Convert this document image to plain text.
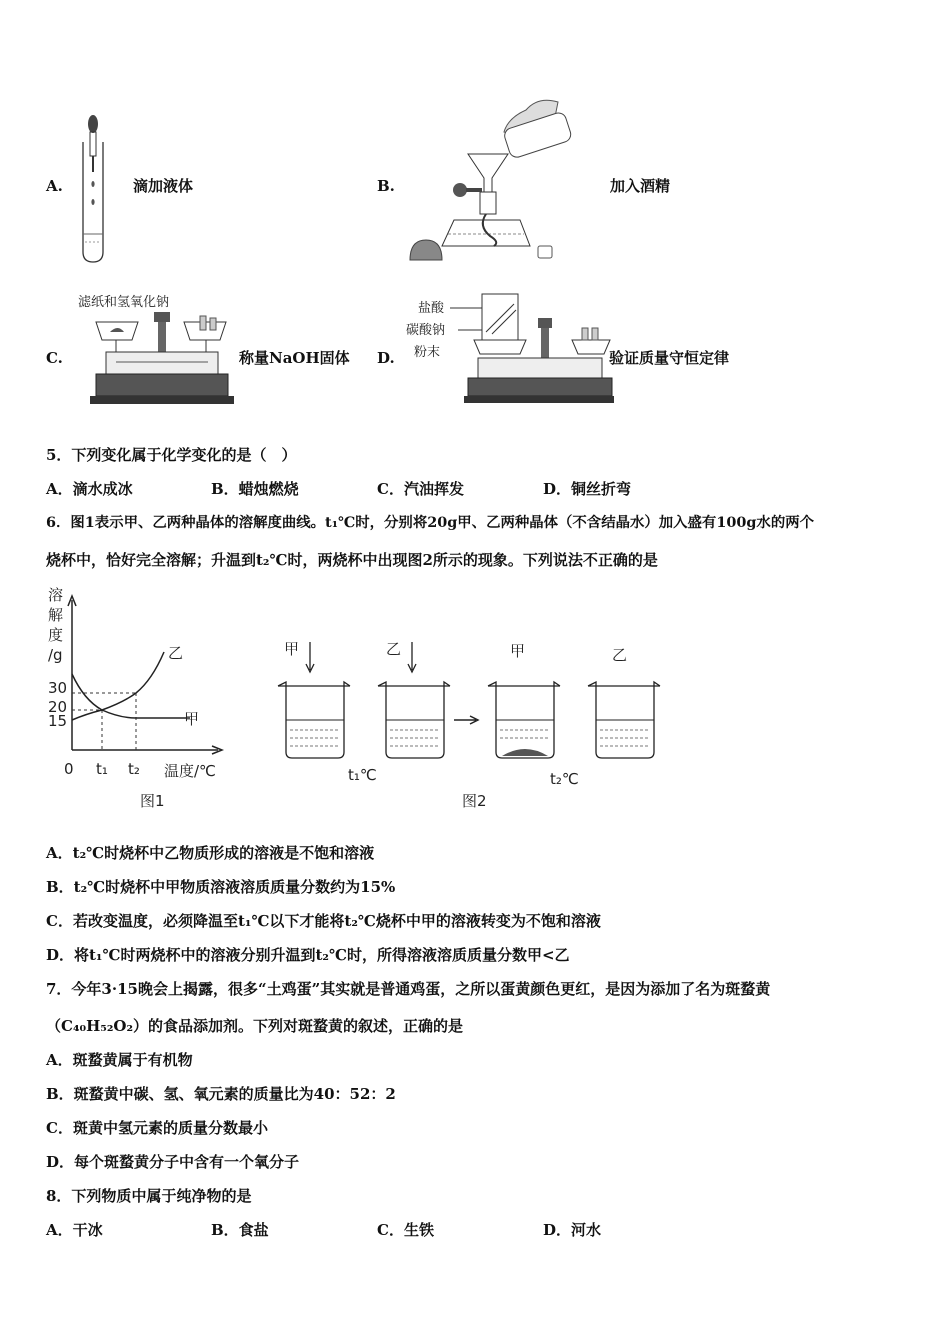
A.	滴加液体	B.	加入酒精
C.	称量NaOH固体 D.	验证质量守恒定律
滤纸和氢氧化钠	盐酸
碳酸钠
粉末
5．下列变化属于化学变化的是（　）
A．滴水成冰	B．蜡烛燃烧	C．汽油挥发	D．铜丝折弯
6．图1表示甲、乙两种晶体的溶解度曲线。t₁℃时，分别将20g甲、乙两种晶体（不含结晶水）加入盛有100g水的两个
烧杯中，恰好完全溶解；升温到t₂℃时，两烧杯中出现图2所示的现象。下列说法不正确的是
溶
解
度
/g
30
20
15
乙
甲
0 t₁ t₂ 温度/℃
图1
甲	乙	甲	乙
t₁℃	t₂℃
图2
A．t₂℃时烧杯中乙物质形成的溶液是不饱和溶液
B．t₂℃时烧杯中甲物质溶液溶质质量分数约为15%
C．若改变温度，必须降温至t₁℃以下才能将t₂℃烧杯中甲的溶液转变为不饱和溶液
D．将t₁℃时两烧杯中的溶液分别升温到t₂℃时，所得溶液溶质质量分数甲<乙
7．今年3·15晚会上揭露，很多“土鸡蛋”其实就是普通鸡蛋，之所以蛋黄颜色更红，是因为添加了名为斑蝥黄
（C₄₀H₅₂O₂）的食品添加剂。下列对斑蝥黄的叙述，正确的是
A．斑蝥黄属于有机物
B．斑蝥黄中碳、氢、氧元素的质量比为40：52：2
C．斑黄中氢元素的质量分数最小
D．每个斑蝥黄分子中含有一个氧分子
8．下列物质中属于纯净物的是
A．干冰	B．食盐	C．生铁	D．河水
